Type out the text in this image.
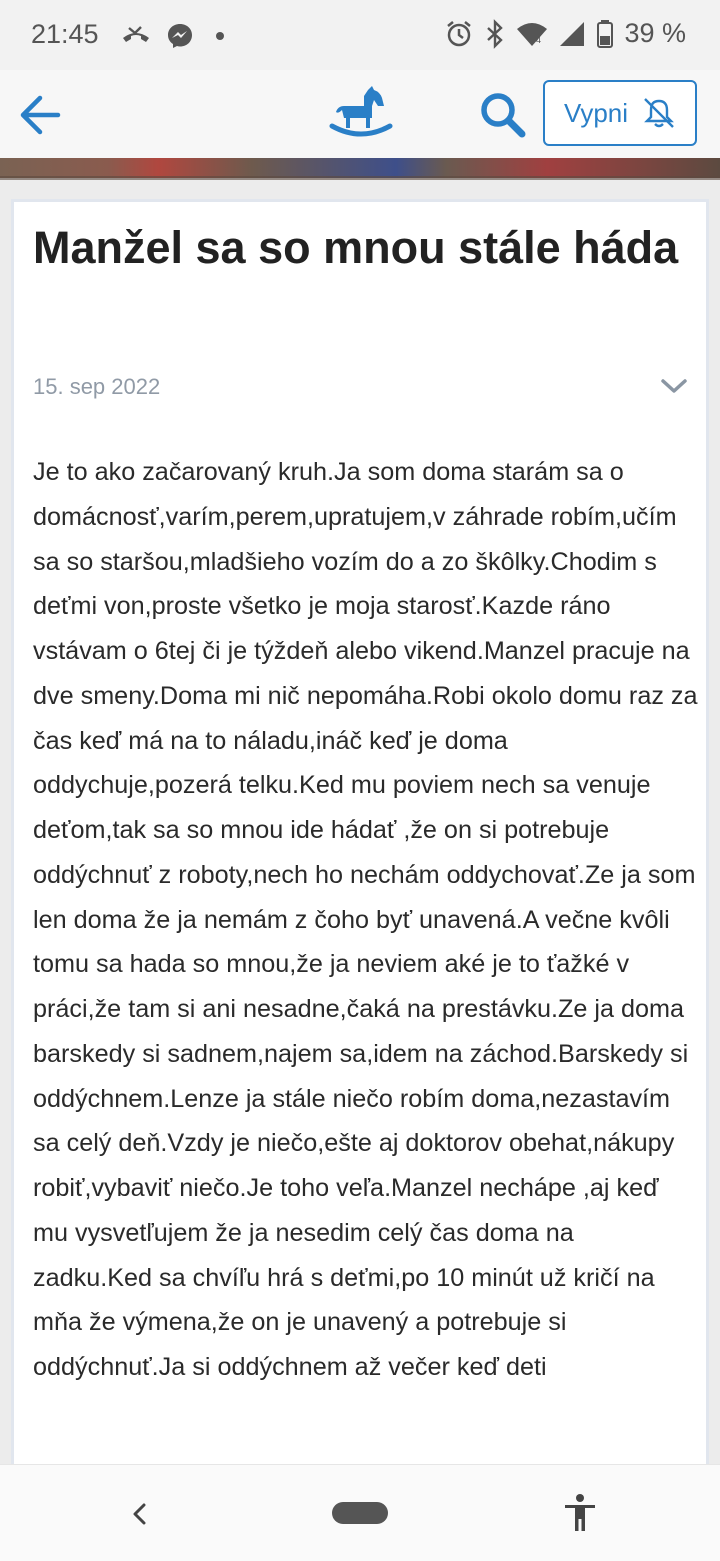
21:45	4	39 %
Vypni
Manžel sa so mnou stále háda
15. sep 2022

Je to ako začarovaný kruh.Ja som doma starám sa o domácnosť,varím,perem,upratujem,v záhrade robím,učím sa so staršou,mladšieho vozím do a zo škôlky.Chodim s deťmi von,proste všetko je moja starosť.Kazde ráno vstávam o 6tej či je týždeň alebo vikend.Manzel pracuje na dve smeny.Doma mi nič nepomáha.Robi okolo domu raz za čas keď má na to náladu,ináč keď je doma oddychuje,pozerá telku.Ked mu poviem nech sa venuje deťom,tak sa so mnou ide hádať ,že on si potrebuje oddýchnuť z roboty,nech ho nechám oddychovať.Ze ja som len doma že ja nemám z čoho byť unavená.A večne kvôli tomu sa hada so mnou,že ja neviem aké je to ťažké v práci,že tam si ani nesadne,čaká na prestávku.Ze ja doma barskedy si sadnem,najem sa,idem na záchod.Barskedy si oddýchnem.Lenze ja stále niečo robím doma,nezastavím sa celý deň.Vzdy je niečo,ešte aj doktorov obehat,nákupy robiť,vybaviť niečo.Je toho veľa.Manzel nechápe ,aj keď mu vysvetľujem že ja nesedim celý čas doma na zadku.Ked sa chvíľu hrá s deťmi,po 10 minút už kričí na mňa že výmena,že on je unavený a potrebuje si oddýchnuť.Ja si oddýchnem až večer keď deti
